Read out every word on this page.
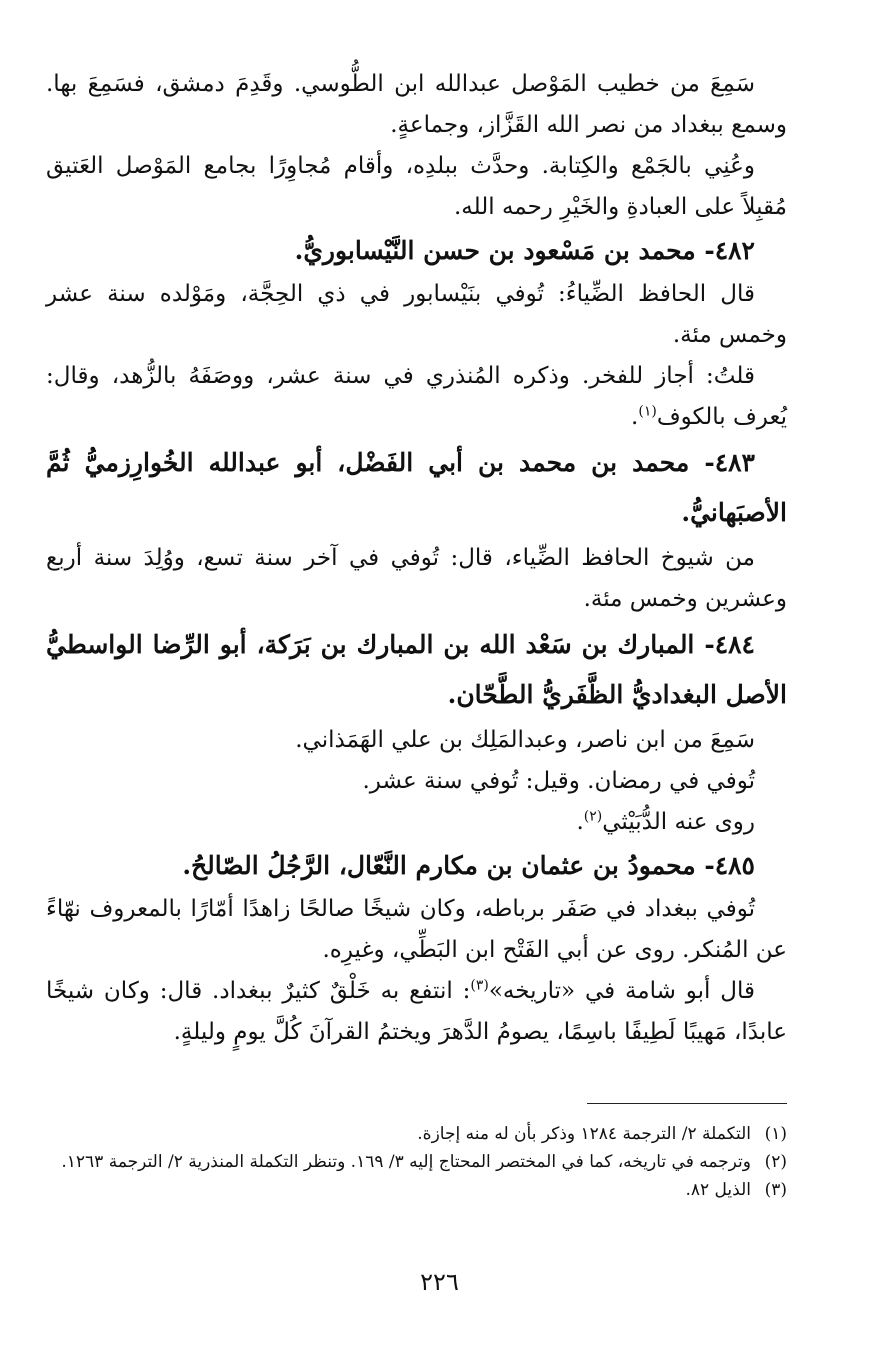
سَمِعَ من خطيب المَوْصل عبدالله ابن الطُّوسي. وقَدِمَ دمشق، فسَمِعَ بها. وسمع ببغداد من نصر الله القَزَّاز، وجماعةٍ.

وعُنِي بالجَمْع والكِتابة. وحدَّث ببلدِه، وأقام مُجاوِرًا بجامع المَوْصل العَتيق مُقبِلاً على العبادةِ والخَيْرِ رحمه الله.

٤٨٢- محمد بن مَسْعود بن حسن النَّيْسابوريُّ.

قال الحافظ الضِّياءُ: تُوفي بنَيْسابور في ذي الحِجَّة، ومَوْلده سنة عشر وخمس مئة.

قلتُ: أجاز للفخر. وذكره المُنذري في سنة عشر، ووصَفَهُ بالزُّهد، وقال: يُعرف بالكوف$^{(١)}$.

٤٨٣- محمد بن محمد بن أبي الفَضْل، أبو عبدالله الخُوارِزميُّ ثُمَّ الأصبَهانيُّ.

من شيوخ الحافظ الضِّياء، قال: تُوفي في آخر سنة تسع، ووُلِدَ سنة أربع وعشرين وخمس مئة.

٤٨٤- المبارك بن سَعْد الله بن المبارك بن بَرَكة، أبو الرِّضا الواسطيُّ الأصل البغداديُّ الظَّفَريُّ الطَّحّان.

سَمِعَ من ابن ناصر، وعبدالمَلِك بن علي الهَمَذاني.

تُوفي في رمضان. وقيل: تُوفي سنة عشر.

روى عنه الدُّبَيْثي$^{(٢)}$.

٤٨٥- محمودُ بن عثمان بن مكارم النَّعّال، الرَّجُلُ الصّالحُ.

تُوفي ببغداد في صَفَر برباطه، وكان شيخًا صالحًا زاهدًا أمّارًا بالمعروف نهّاءً عن المُنكر. روى عن أبي الفَتْح ابن البَطِّي، وغيرِه.

قال أبو شامة في «تاريخه»$^{(٣)}$: انتفع به خَلْقٌ كثيرٌ ببغداد. قال: وكان شيخًا عابدًا، مَهيبًا لَطِيفًا باسِمًا، يصومُ الدَّهرَ ويختمُ القرآنَ كُلَّ يومٍ وليلةٍ.

(١)
التكملة ٢/ الترجمة ١٢٨٤ وذكر بأن له منه إجازة.

(٢)
وترجمه في تاريخه، كما في المختصر المحتاج إليه ٣/ ١٦٩. وتنظر التكملة المنذرية ٢/ الترجمة ١٢٦٣.

(٣)
الذيل ٨٢.

٢٢٦
